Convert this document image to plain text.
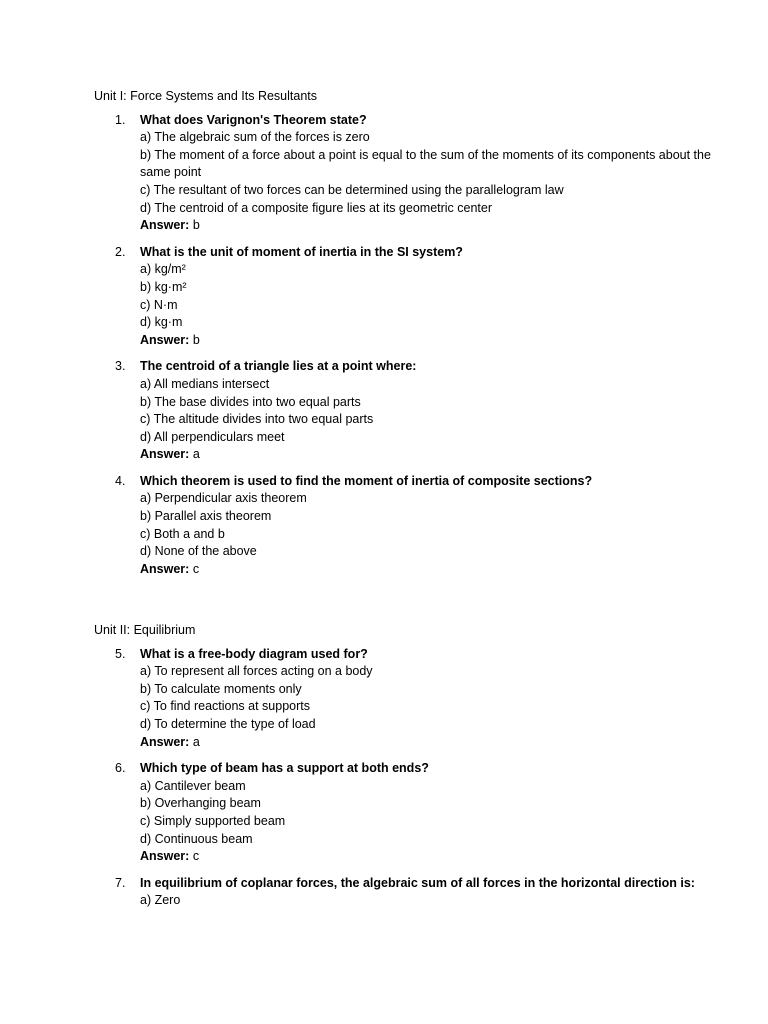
Unit I: Force Systems and Its Resultants
1. What does Varignon's Theorem state?
a) The algebraic sum of the forces is zero
b) The moment of a force about a point is equal to the sum of the moments of its components about the same point
c) The resultant of two forces can be determined using the parallelogram law
d) The centroid of a composite figure lies at its geometric center
Answer: b
2. What is the unit of moment of inertia in the SI system?
a) kg/m²
b) kg·m²
c) N·m
d) kg·m
Answer: b
3. The centroid of a triangle lies at a point where:
a) All medians intersect
b) The base divides into two equal parts
c) The altitude divides into two equal parts
d) All perpendiculars meet
Answer: a
4. Which theorem is used to find the moment of inertia of composite sections?
a) Perpendicular axis theorem
b) Parallel axis theorem
c) Both a and b
d) None of the above
Answer: c
Unit II: Equilibrium
5. What is a free-body diagram used for?
a) To represent all forces acting on a body
b) To calculate moments only
c) To find reactions at supports
d) To determine the type of load
Answer: a
6. Which type of beam has a support at both ends?
a) Cantilever beam
b) Overhanging beam
c) Simply supported beam
d) Continuous beam
Answer: c
7. In equilibrium of coplanar forces, the algebraic sum of all forces in the horizontal direction is:
a) Zero
